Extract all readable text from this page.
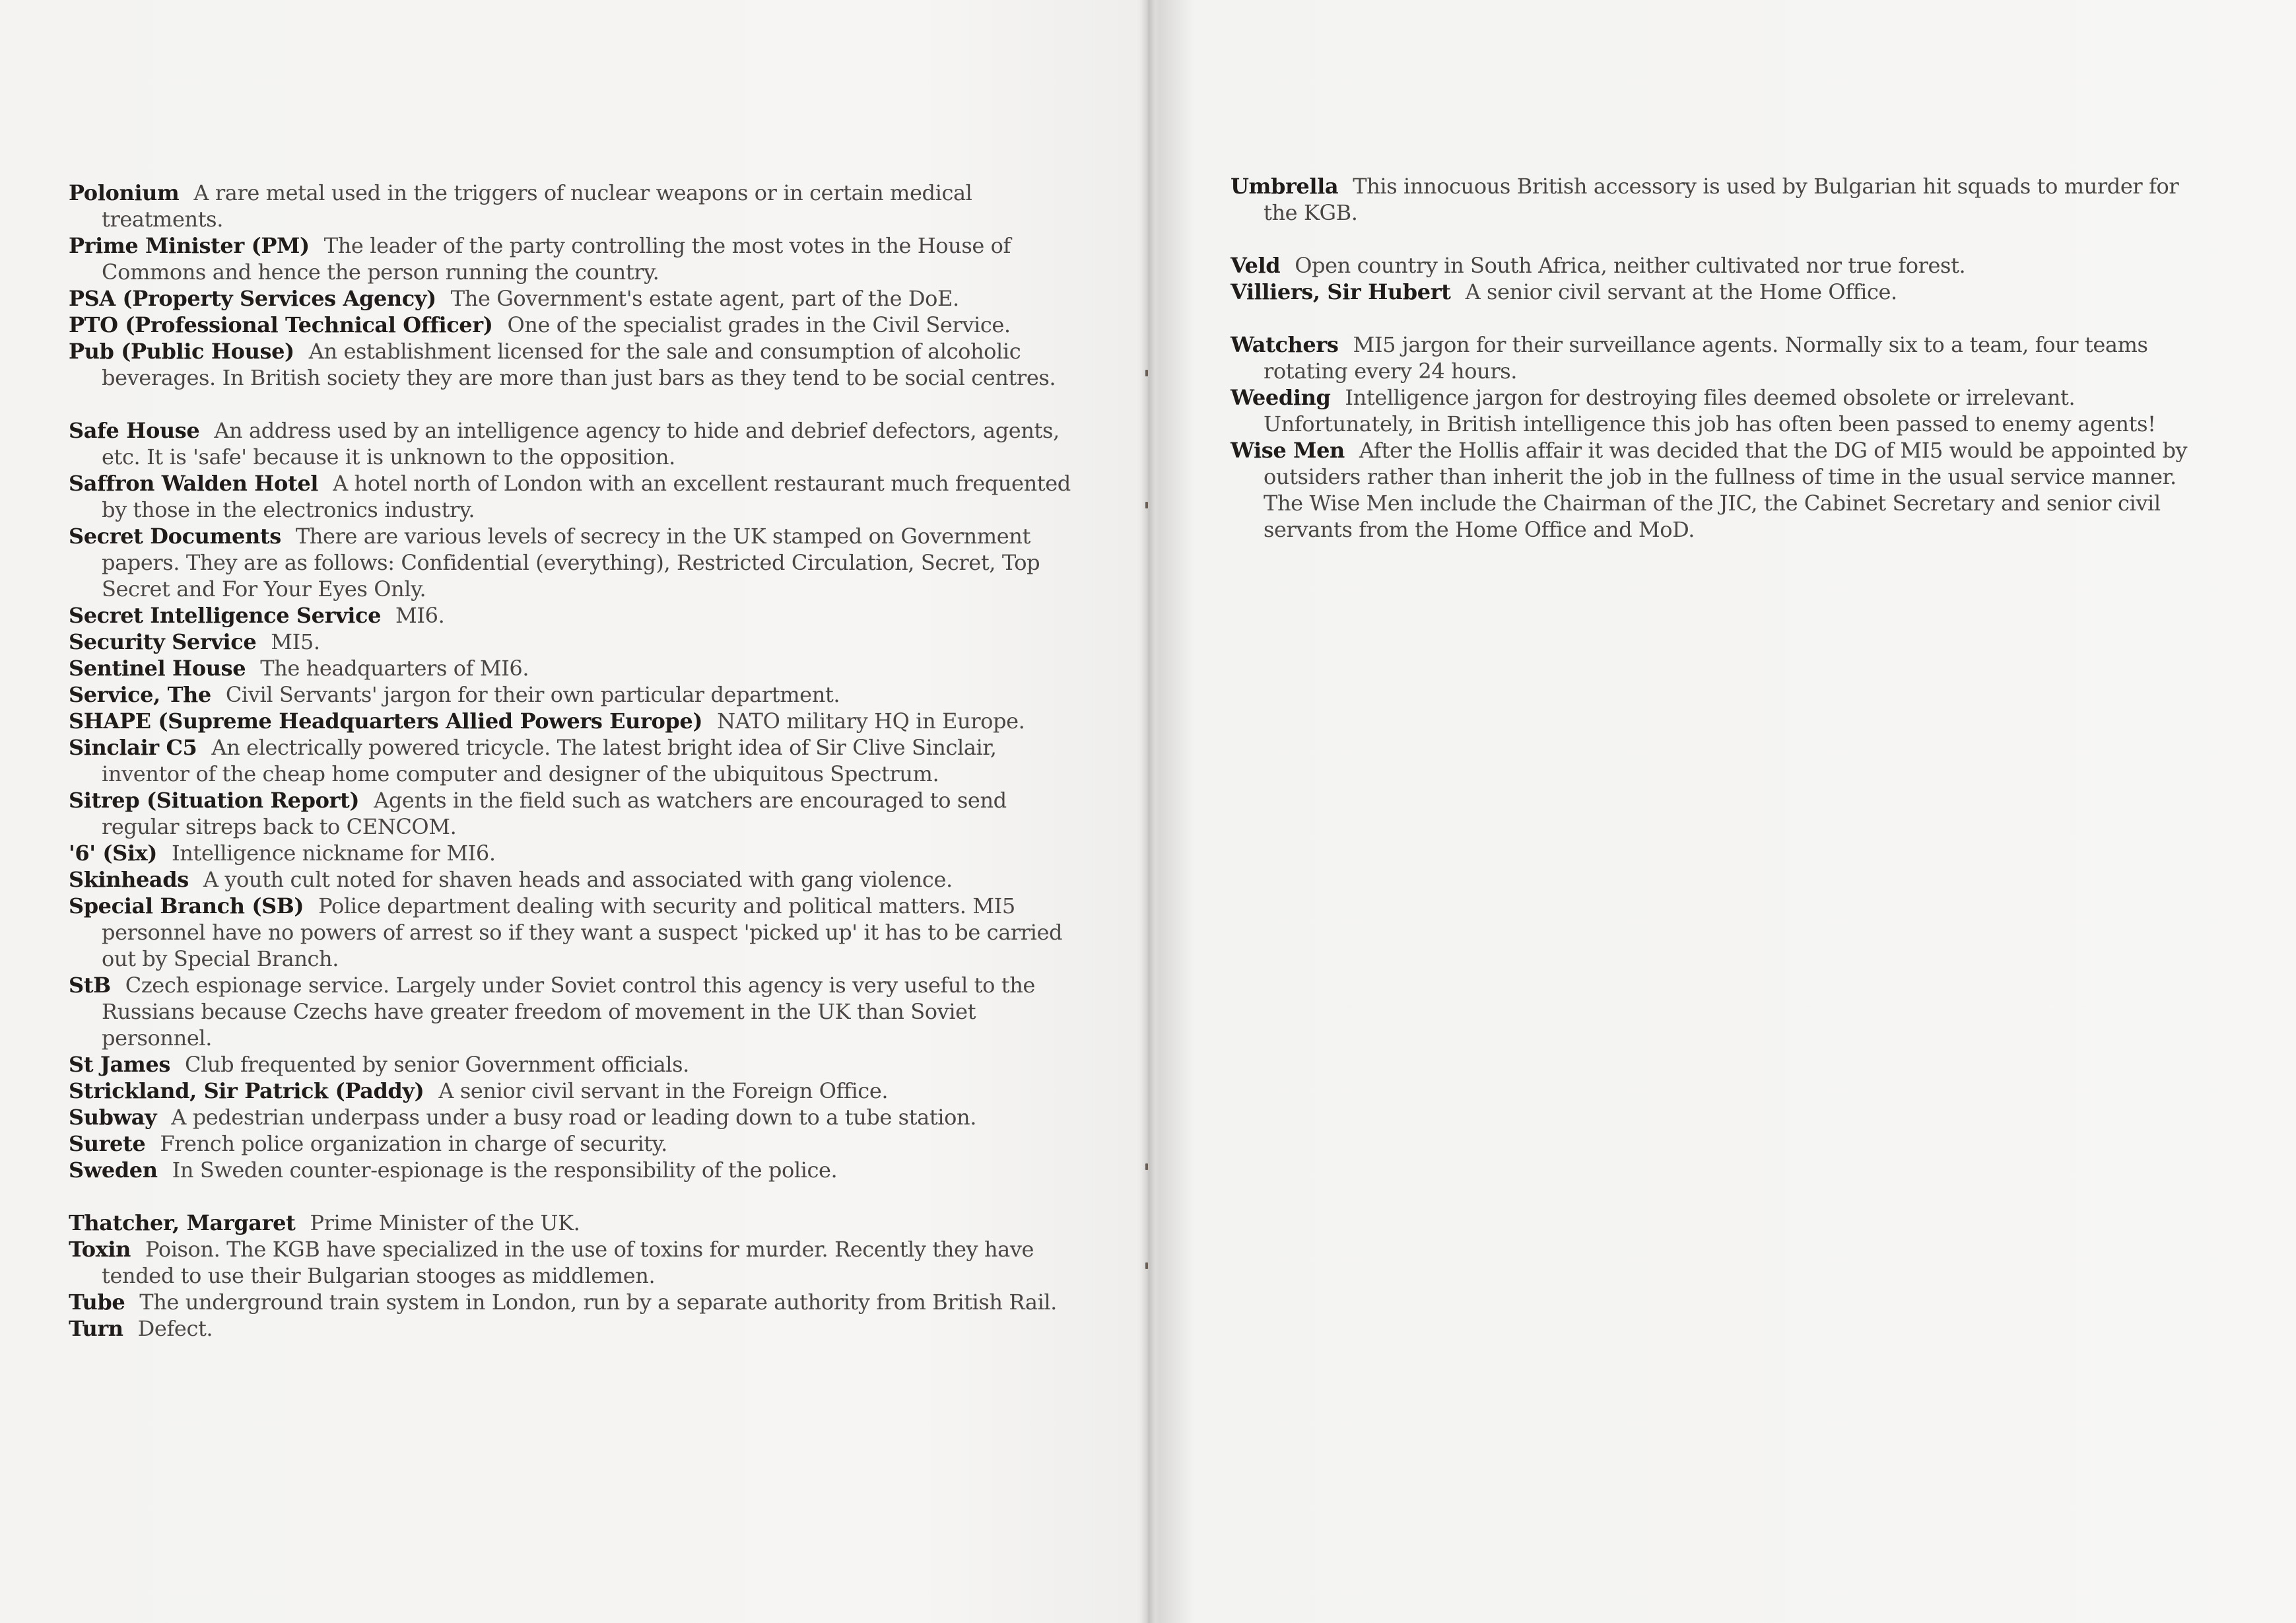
Polonium A rare metal used in the triggers of nuclear weapons or in certain medical treatments.

Prime Minister (PM) The leader of the party controlling the most votes in the House of Commons and hence the person running the country.

PSA (Property Services Agency) The Government's estate agent, part of the DoE.

PTO (Professional Technical Officer) One of the specialist grades in the Civil Service.

Pub (Public House) An establishment licensed for the sale and consumption of alcoholic beverages. In British society they are more than just bars as they tend to be social centres.

Safe House An address used by an intelligence agency to hide and debrief defectors, agents, etc. It is 'safe' because it is unknown to the opposition.

Saffron Walden Hotel A hotel north of London with an excellent restaurant much frequented by those in the electronics industry.

Secret Documents There are various levels of secrecy in the UK stamped on Government papers. They are as follows: Confidential (everything), Restricted Circulation, Secret, Top Secret and For Your Eyes Only.

Secret Intelligence Service MI6.

Security Service MI5.

Sentinel House The headquarters of MI6.

Service, The Civil Servants' jargon for their own particular department.

SHAPE (Supreme Headquarters Allied Powers Europe) NATO military HQ in Europe.

Sinclair C5 An electrically powered tricycle. The latest bright idea of Sir Clive Sinclair, inventor of the cheap home computer and designer of the ubiquitous Spectrum.

Sitrep (Situation Report) Agents in the field such as watchers are encouraged to send regular sitreps back to CENCOM.

'6' (Six) Intelligence nickname for MI6.

Skinheads A youth cult noted for shaven heads and associated with gang violence.

Special Branch (SB) Police department dealing with security and political matters. MI5 personnel have no powers of arrest so if they want a suspect 'picked up' it has to be carried out by Special Branch.

StB Czech espionage service. Largely under Soviet control this agency is very useful to the Russians because Czechs have greater freedom of movement in the UK than Soviet personnel.

St James Club frequented by senior Government officials.

Strickland, Sir Patrick (Paddy) A senior civil servant in the Foreign Office.

Subway A pedestrian underpass under a busy road or leading down to a tube station.

Surete French police organization in charge of security.

Sweden In Sweden counter-espionage is the responsibility of the police.

Thatcher, Margaret Prime Minister of the UK.

Toxin Poison. The KGB have specialized in the use of toxins for murder. Recently they have tended to use their Bulgarian stooges as middlemen.

Tube The underground train system in London, run by a separate authority from British Rail.

Turn Defect.

Umbrella This innocuous British accessory is used by Bulgarian hit squads to murder for the KGB.

Veld Open country in South Africa, neither cultivated nor true forest.

Villiers, Sir Hubert A senior civil servant at the Home Office.

Watchers MI5 jargon for their surveillance agents. Normally six to a team, four teams rotating every 24 hours.

Weeding Intelligence jargon for destroying files deemed obsolete or irrelevant. Unfortunately, in British intelligence this job has often been passed to enemy agents!

Wise Men After the Hollis affair it was decided that the DG of MI5 would be appointed by outsiders rather than inherit the job in the fullness of time in the usual service manner. The Wise Men include the Chairman of the JIC, the Cabinet Secretary and senior civil servants from the Home Office and MoD.
